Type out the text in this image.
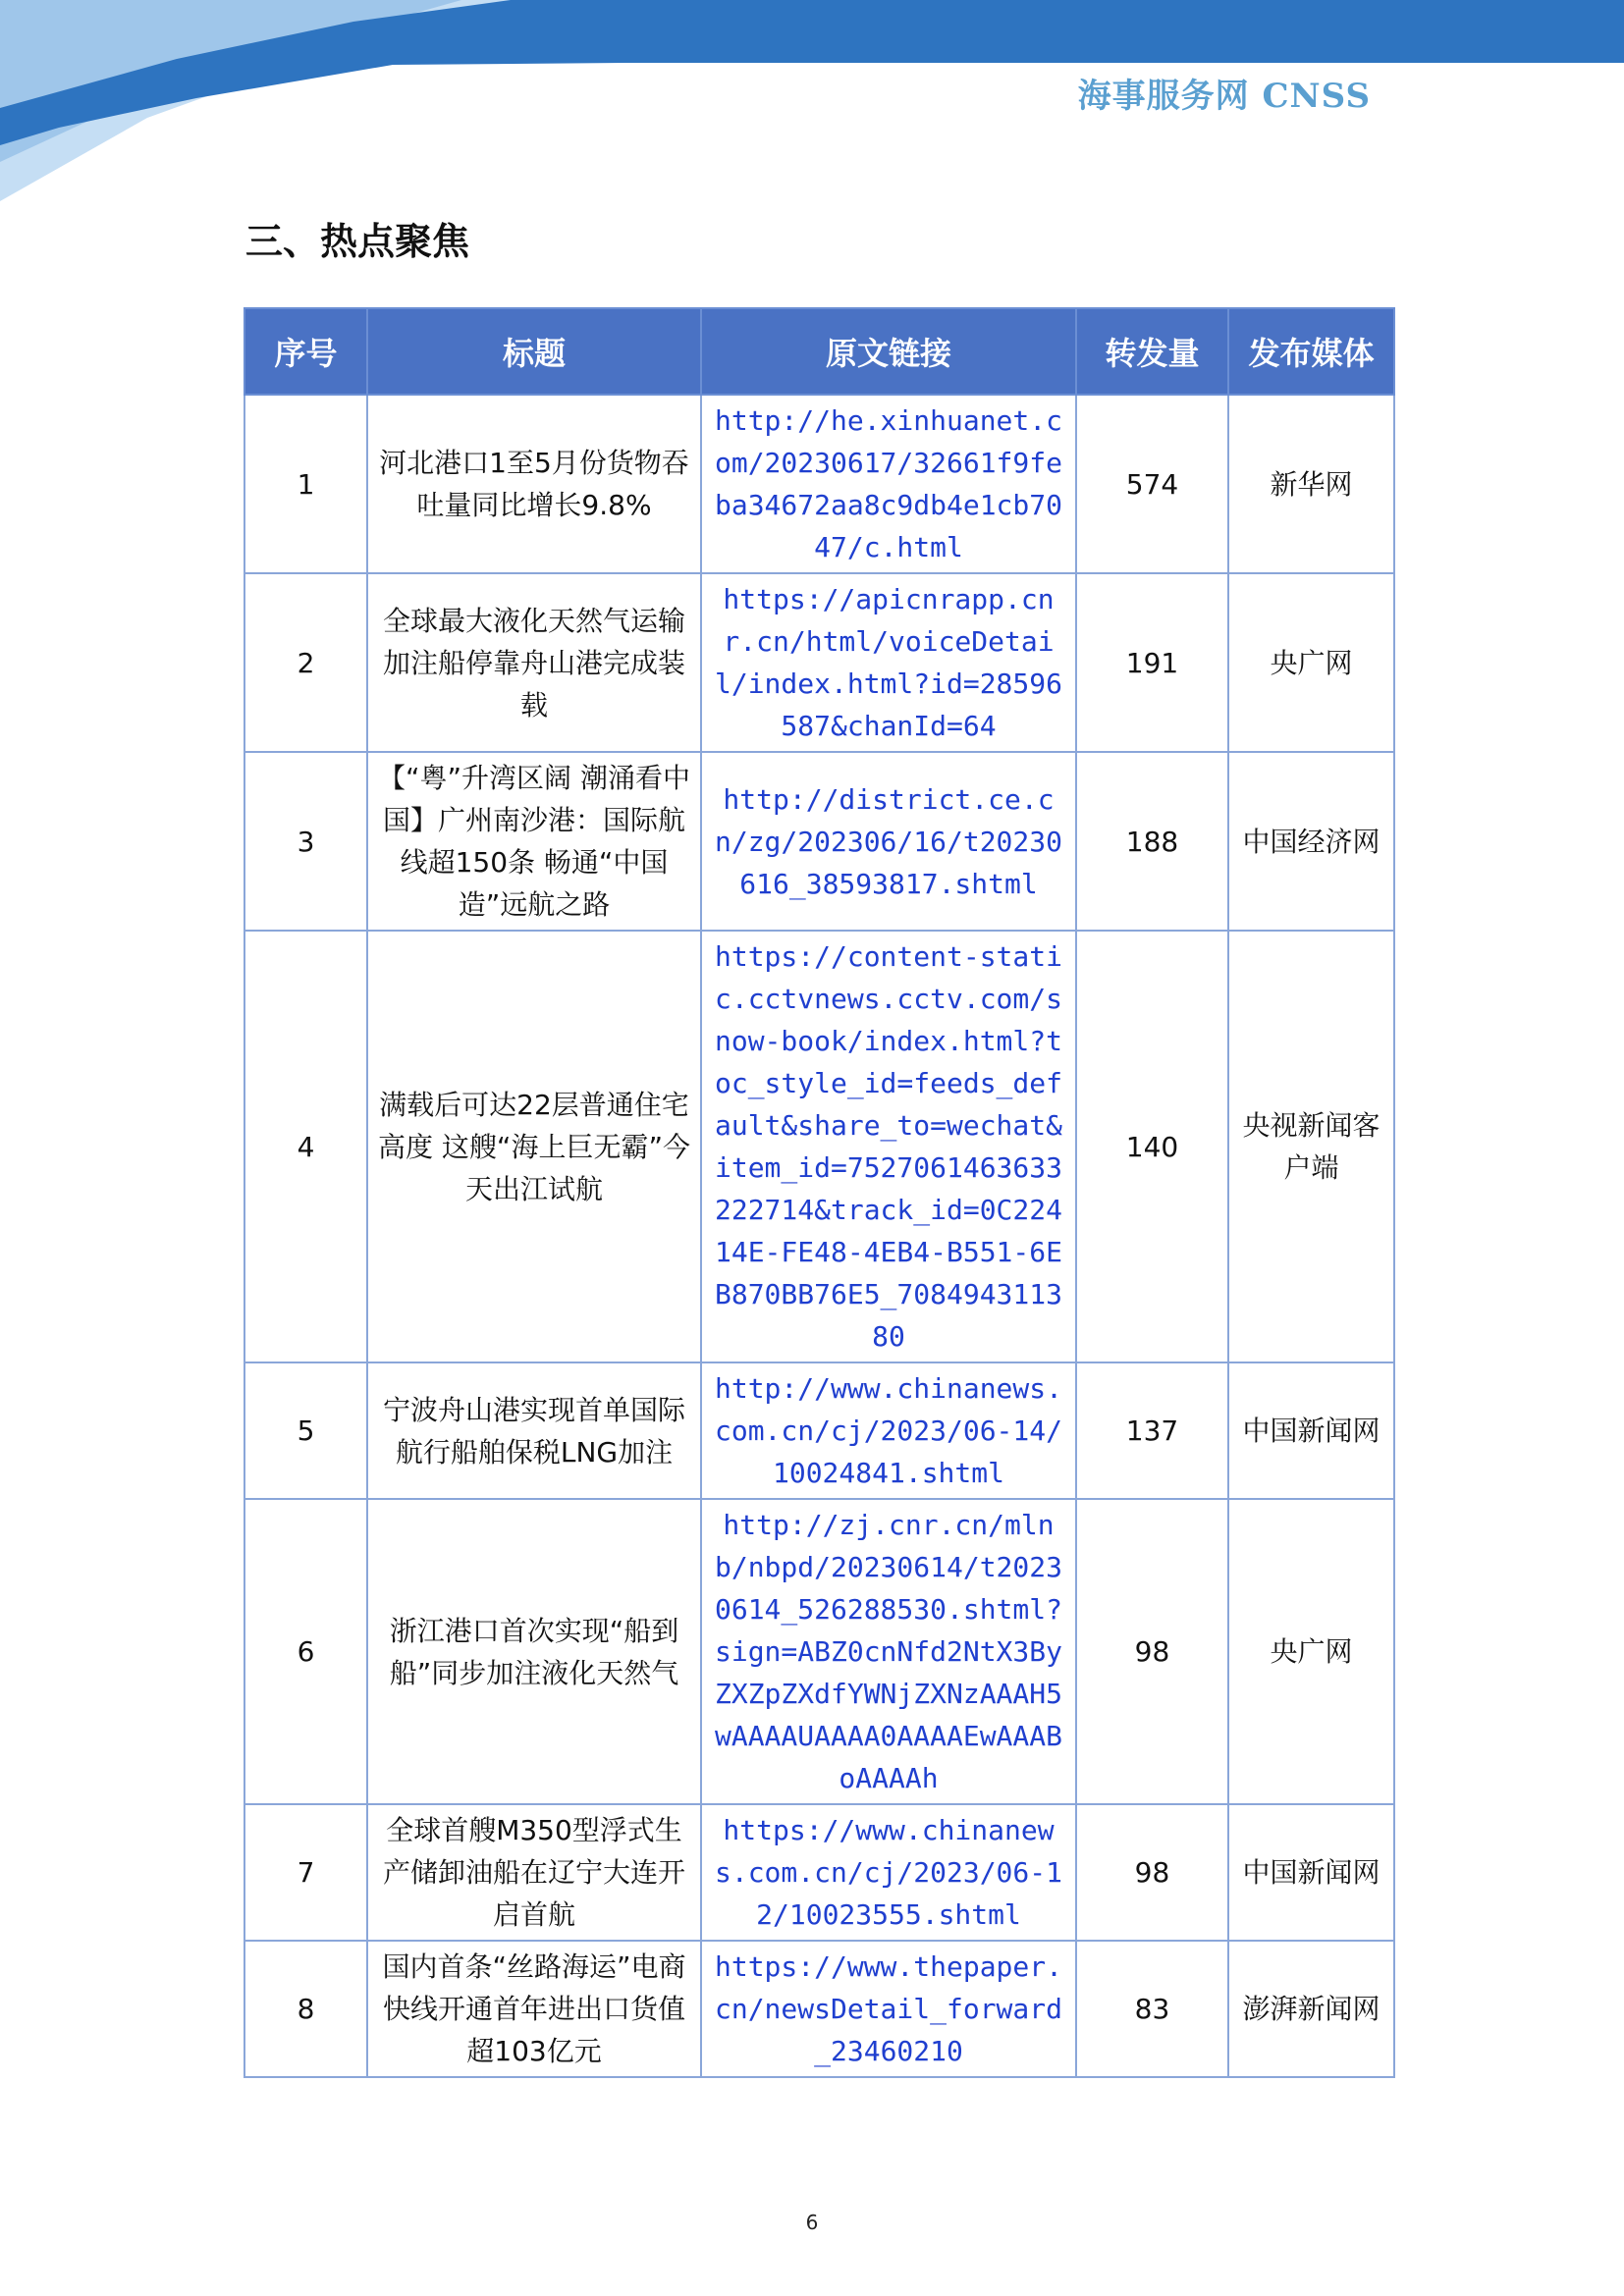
海事服务网 CNSS
三、热点聚焦
序号	标题	原文链接	转发量	发布媒体
1	河北港口1至5月份货物吞吐量同比增长9.8%	http://he.xinhuanet.com/20230617/32661f9feba34672aa8c9db4e1cb7047/c.html	574	新华网
2	全球最大液化天然气运输加注船停靠舟山港完成装载	https://apicnrapp.cnr.cn/html/voiceDetail/index.html?id=28596587&chanId=64	191	央广网
3	【“粤”升湾区阔 潮涌看中国】广州南沙港：国际航线超150条 畅通“中国造”远航之路	http://district.ce.cn/zg/202306/16/t20230616_38593817.shtml	188	中国经济网
4	满载后可达22层普通住宅高度 这艘“海上巨无霸”今天出江试航	https://content-static.cctvnews.cctv.com/snow-book/index.html?toc_style_id=feeds_default&share_to=wechat&item_id=7527061463633222714&track_id=0C22414E-FE48-4EB4-B551-6EB870BB76E5_708494311380	140	央视新闻客户端
5	宁波舟山港实现首单国际航行船舶保税LNG加注	http://www.chinanews.com.cn/cj/2023/06-14/10024841.shtml	137	中国新闻网
6	浙江港口首次实现“船到船”同步加注液化天然气	http://zj.cnr.cn/mlnb/nbpd/20230614/t20230614_526288530.shtml?sign=ABZ0cnNfd2NtX3ByZXZpZXdfYWNjZXNzAAAH5wAAAAUAAAA0AAAAEwAAABoAAAAh	98	央广网
7	全球首艘M350型浮式生产储卸油船在辽宁大连开启首航	https://www.chinanews.com.cn/cj/2023/06-12/10023555.shtml	98	中国新闻网
8	国内首条“丝路海运”电商快线开通首年进出口货值超103亿元	https://www.thepaper.cn/newsDetail_forward_23460210	83	澎湃新闻网
6
